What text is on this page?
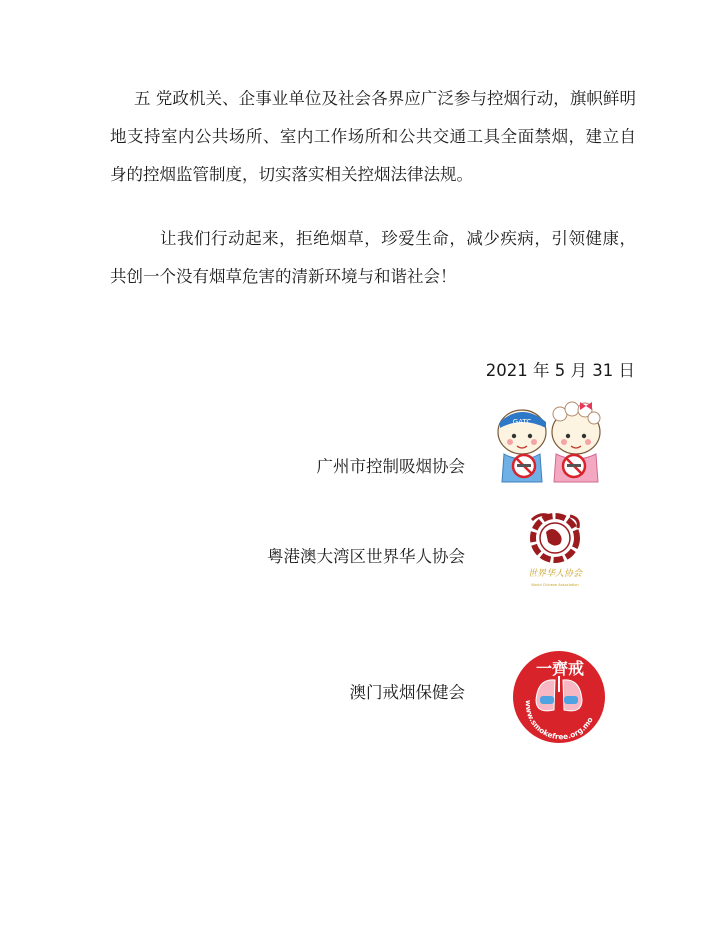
五 党政机关、企事业单位及社会各界应广泛参与控烟行动，旗帜鲜明地支持室内公共场所、室内工作场所和公共交通工具全面禁烟，建立自身的控烟监管制度，切实落实相关控烟法律法规。
让我们行动起来，拒绝烟草，珍爱生命，减少疾病，引领健康，共创一个没有烟草危害的清新环境与和谐社会！
2021 年 5 月 31 日
广州市控制吸烟协会
粤港澳大湾区世界华人协会
澳门戒烟保健会
GATC
世界华人协会
World Chinese Association
一齊戒
www.smokefree.org.mo
